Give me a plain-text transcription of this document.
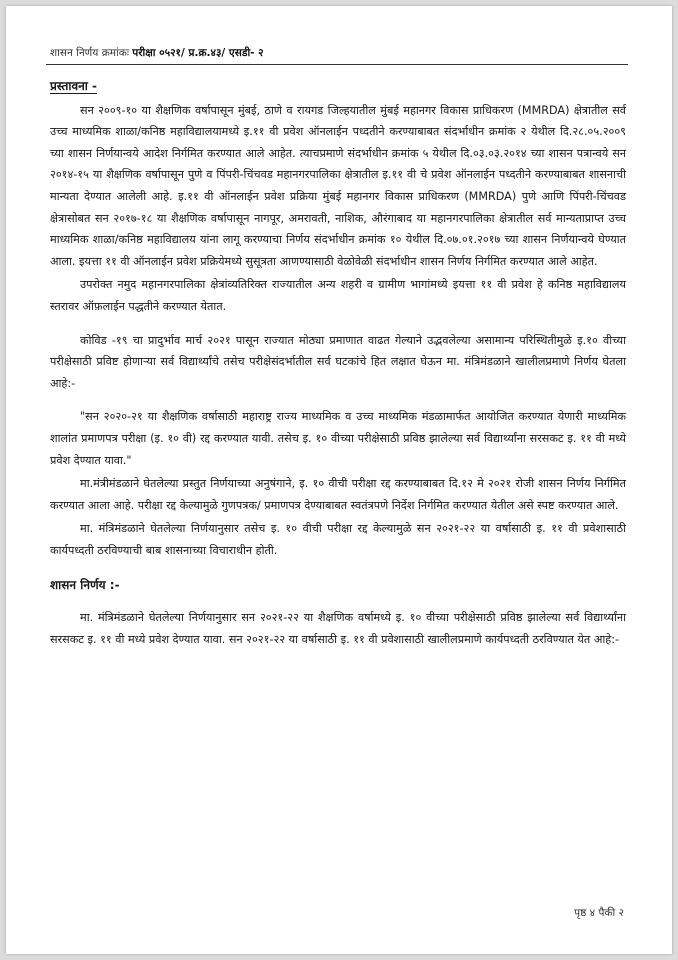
शासन निर्णय क्रमांकः परीक्षा ०५२१/ प्र.क्र.४३/ एसडी- २
प्रस्तावना -

सन २००९-१० या शैक्षणिक वर्षापासून मुंबई, ठाणे व रायगड जिल्हयातील मुंबई महानगर विकास प्राधिकरण (MMRDA) क्षेत्रातील सर्व उच्च माध्यमिक शाळा/कनिष्ठ महाविद्यालयामध्ये इ.११ वी प्रवेश ऑनलाईन पध्दतीने करण्याबाबत संदर्भाधीन क्रमांक २ येथील दि.२८.०५.२००९ च्या शासन निर्णयान्वये आदेश निर्गमित करण्यात आले आहेत. त्याचप्रमाणे संदर्भाधीन क्रमांक ५ येथील दि.०३.०३.२०१४ च्या शासन पत्रान्वये सन २०१४-१५ या शैक्षणिक वर्षापासून पुणे व पिंपरी-चिंचवड महानगरपालिका क्षेत्रातील इ.११ वी चे प्रवेश ऑनलाईन पध्दतीने करण्याबाबत शासनाची मान्यता देण्यात आलेली आहे. इ.११ वी ऑनलाईन प्रवेश प्रक्रिया मुंबई महानगर विकास प्राधिकरण (MMRDA) पुणे आणि पिंपरी-चिंचवड क्षेत्रासोबत सन २०१७-१८ या शैक्षणिक वर्षापासून नागपूर, अमरावती, नाशिक, औरंगाबाद या महानगरपालिका क्षेत्रातील सर्व मान्यताप्राप्त उच्च माध्यमिक शाळा/कनिष्ठ महाविद्यालय यांना लागू करण्याचा निर्णय संदर्भाधीन क्रमांक १० येथील दि.०७.०१.२०१७ च्या शासन निर्णयान्वये घेण्यात आला. इयत्ता ११ वी ऑनलाईन प्रवेश प्रक्रियेमध्ये सुसूत्रता आणण्यासाठी वेळोवेळी संदर्भाधीन शासन निर्णय निर्गमित करण्यात आले आहेत.

उपरोक्त नमुद महानगरपालिका क्षेत्रांव्यतिरिक्त राज्यातील अन्य शहरी व ग्रामीण भागांमध्ये इयत्ता ११ वी प्रवेश हे कनिष्ठ महाविद्यालय स्तरावर ऑफ़लाईन पद्धतीने करण्यात येतात.

कोविड -१९ चा प्रादुर्भाव मार्च २०२१ पासून राज्यात मोठ्या प्रमाणात वाढत गेल्याने उद्भवलेल्या असामान्य परिस्थितीमुळे इ.१० वीच्या परीक्षेसाठी प्रविष्ट होणाऱ्या सर्व विद्यार्थ्यांचे तसेच परीक्षेसंदर्भातील सर्व घटकांचे हित लक्षात घेऊन मा. मंत्रिमंडळाने खालीलप्रमाणे निर्णय घेतला आहे:-

"सन २०२०-२१ या शैक्षणिक वर्षासाठी महाराष्ट्र राज्य माध्यमिक व उच्च माध्यमिक मंडळामार्फत आयोजित करण्यात येणारी माध्यमिक शालांत प्रमाणपत्र परीक्षा (इ. १० वी) रद्द करण्यात यावी. तसेच इ. १० वीच्या परीक्षेसाठी प्रविष्ठ झालेल्या सर्व विद्यार्थ्यांना सरसकट इ. ११ वी मध्ये प्रवेश देण्यात यावा."

मा.मंत्रीमंडळाने घेतलेल्या प्रस्तुत निर्णयाच्या अनुषंगाने, इ. १० वीची परीक्षा रद्द करण्याबाबत दि.१२ मे २०२१ रोजी शासन निर्णय निर्गमित करण्यात आला आहे. परीक्षा रद्द केल्यामुळे गुणपत्रक/ प्रमाणपत्र देण्याबाबत स्वतंत्रपणे निर्देश निर्गमित करण्यात येतील असे स्पष्ट करण्यात आले.

मा. मंत्रिमंडळाने घेतलेल्या निर्णयानुसार तसेच इ. १० वीची परीक्षा रद्द केल्यामुळे सन २०२१-२२ या वर्षासाठी इ. ११ वी प्रवेशासाठी कार्यपध्दती ठरविण्याची बाब शासनाच्या विचाराधीन होती.

शासन निर्णय :-

मा. मंत्रिमंडळाने घेतलेल्या निर्णयानुसार सन २०२१-२२ या शैक्षणिक वर्षामध्ये इ. १० वीच्या परीक्षेसाठी प्रविष्ठ झालेल्या सर्व विद्यार्थ्यांना सरसकट इ. ११ वी मध्ये प्रवेश देण्यात यावा. सन २०२१-२२ या वर्षासाठी इ. ११ वी प्रवेशासाठी खालीलप्रमाणे कार्यपध्दती ठरविण्यात येत आहे:-

पृष्ठ ४ पैकी २
